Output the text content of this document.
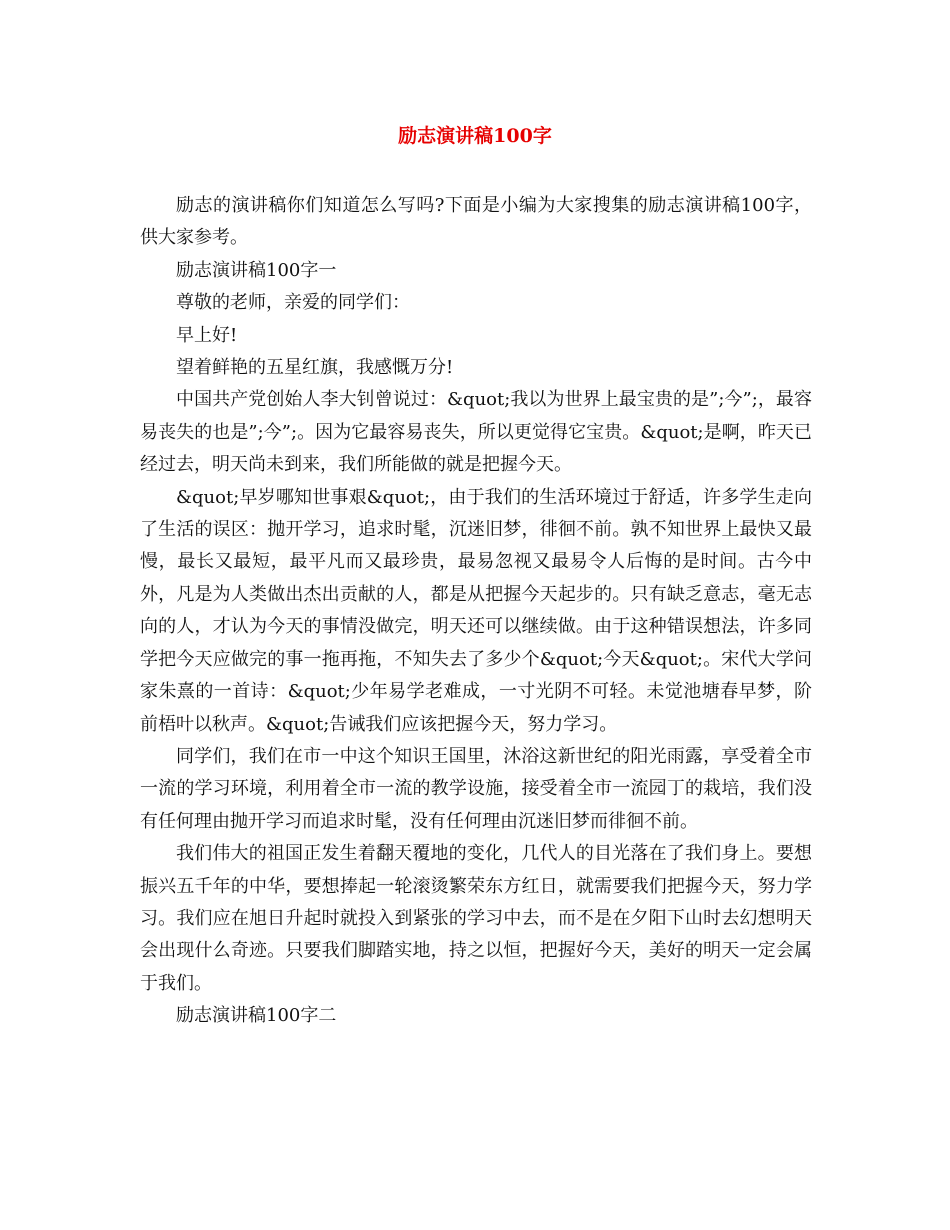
励志演讲稿100字

励志的演讲稿你们知道怎么写吗?下面是小编为大家搜集的励志演讲稿100字，供大家参考。

励志演讲稿100字一

尊敬的老师，亲爱的同学们：

早上好!

望着鲜艳的五星红旗，我感慨万分!

中国共产党创始人李大钊曾说过：&quot;我以为世界上最宝贵的是”;今”;，最容易丧失的也是”;今”;。因为它最容易丧失，所以更觉得它宝贵。&quot;是啊，昨天已经过去，明天尚未到来，我们所能做的就是把握今天。

&quot;早岁哪知世事艰&quot;，由于我们的生活环境过于舒适，许多学生走向了生活的误区：抛开学习，追求时髦，沉迷旧梦，徘徊不前。孰不知世界上最快又最慢，最长又最短，最平凡而又最珍贵，最易忽视又最易令人后悔的是时间。古今中外，凡是为人类做出杰出贡献的人，都是从把握今天起步的。只有缺乏意志，毫无志向的人，才认为今天的事情没做完，明天还可以继续做。由于这种错误想法，许多同学把今天应做完的事一拖再拖，不知失去了多少个&quot;今天&quot;。宋代大学问家朱熹的一首诗：&quot;少年易学老难成，一寸光阴不可轻。未觉池塘春早梦，阶前梧叶以秋声。&quot;告诫我们应该把握今天，努力学习。

同学们，我们在市一中这个知识王国里，沐浴这新世纪的阳光雨露，享受着全市一流的学习环境，利用着全市一流的教学设施，接受着全市一流园丁的栽培，我们没有任何理由抛开学习而追求时髦，没有任何理由沉迷旧梦而徘徊不前。

我们伟大的祖国正发生着翻天覆地的变化，几代人的目光落在了我们身上。要想振兴五千年的中华，要想捧起一轮滚烫繁荣东方红日，就需要我们把握今天，努力学习。我们应在旭日升起时就投入到紧张的学习中去，而不是在夕阳下山时去幻想明天会出现什么奇迹。只要我们脚踏实地，持之以恒，把握好今天，美好的明天一定会属于我们。

励志演讲稿100字二
